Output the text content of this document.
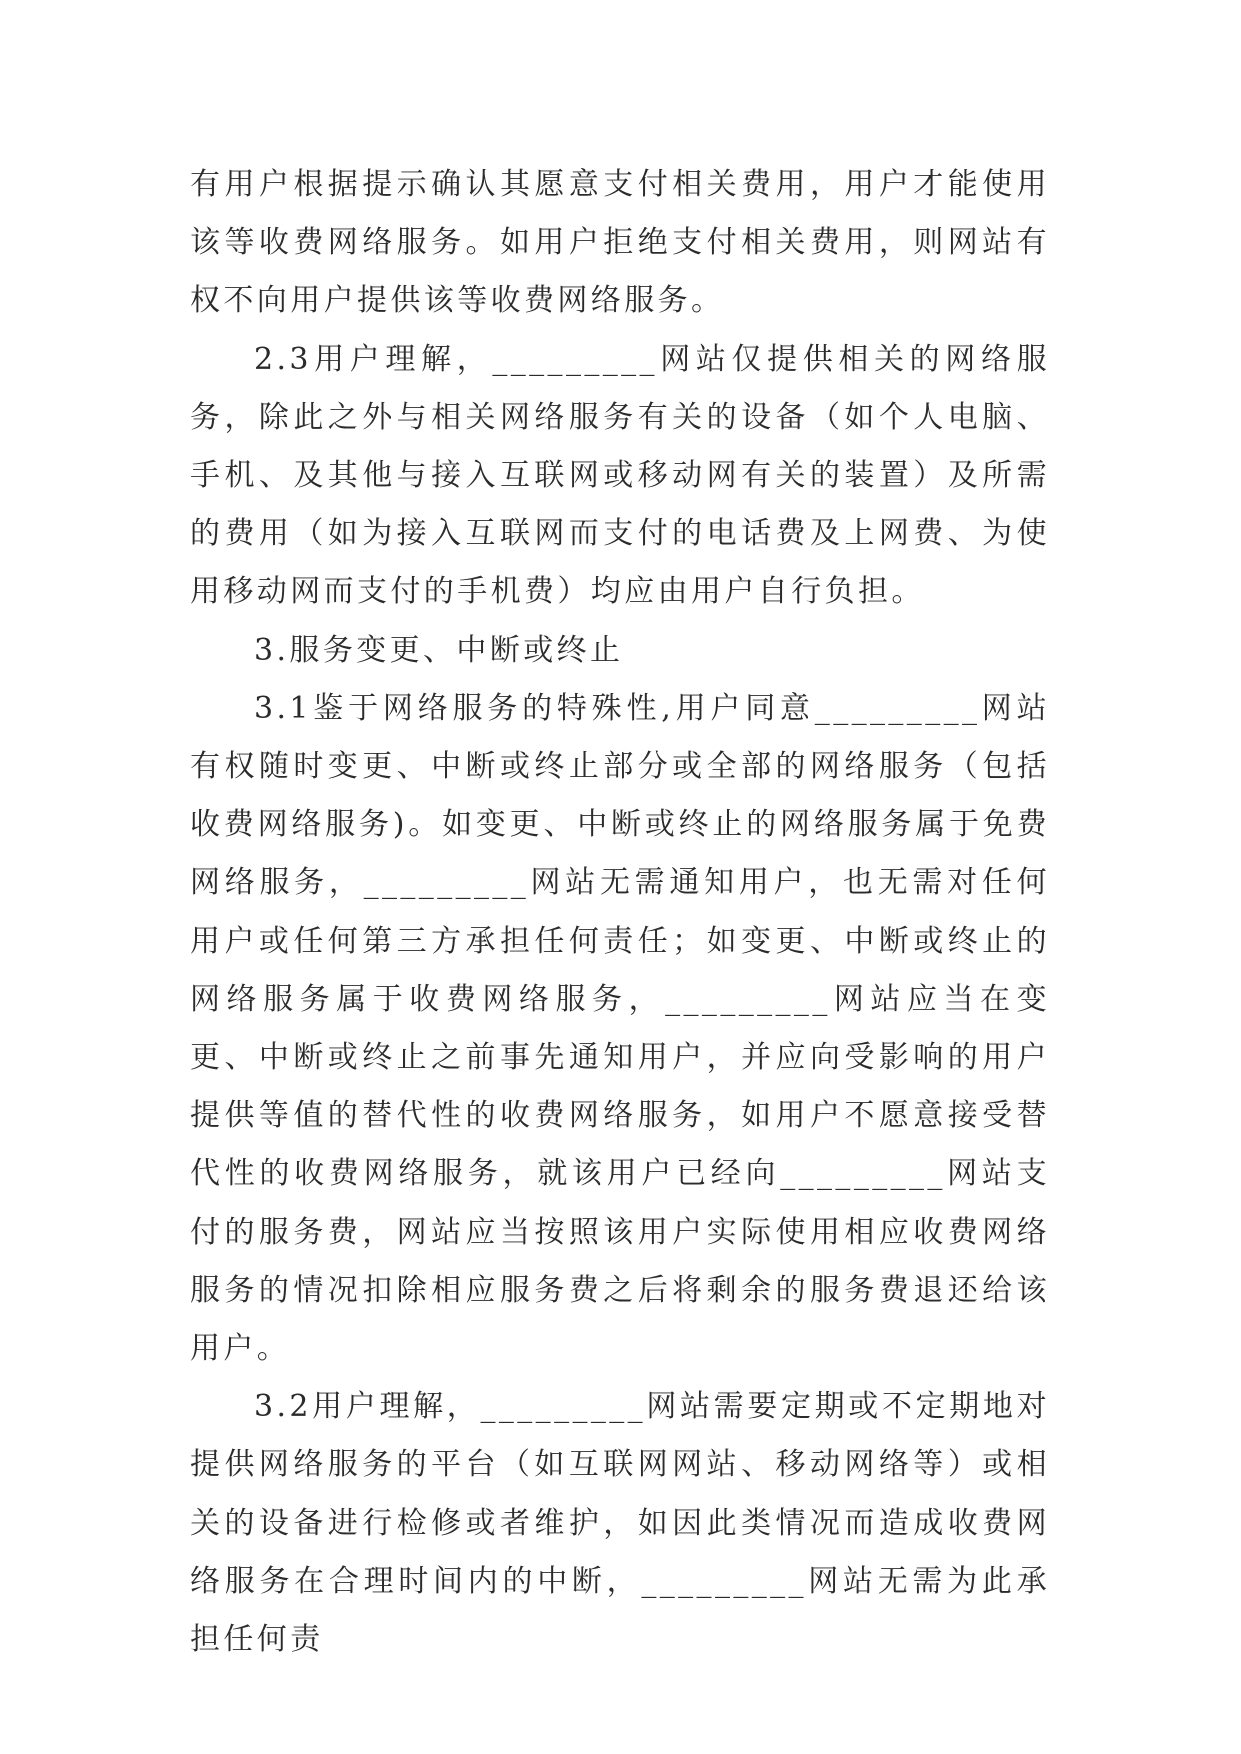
有用户根据提示确认其愿意支付相关费用，用户才能使用该等收费网络服务。如用户拒绝支付相关费用，则网站有权不向用户提供该等收费网络服务。

2.3用户理解，_________网站仅提供相关的网络服务，除此之外与相关网络服务有关的设备（如个人电脑、手机、及其他与接入互联网或移动网有关的装置）及所需的费用（如为接入互联网而支付的电话费及上网费、为使用移动网而支付的手机费）均应由用户自行负担。

3.服务变更、中断或终止

3.1鉴于网络服务的特殊性,用户同意_________网站有权随时变更、中断或终止部分或全部的网络服务（包括收费网络服务)。如变更、中断或终止的网络服务属于免费网络服务，_________网站无需通知用户，也无需对任何用户或任何第三方承担任何责任；如变更、中断或终止的网络服务属于收费网络服务，_________网站应当在变更、中断或终止之前事先通知用户，并应向受影响的用户提供等值的替代性的收费网络服务，如用户不愿意接受替代性的收费网络服务，就该用户已经向_________网站支付的服务费，网站应当按照该用户实际使用相应收费网络服务的情况扣除相应服务费之后将剩余的服务费退还给该用户。

3.2用户理解，_________网站需要定期或不定期地对提供网络服务的平台（如互联网网站、移动网络等）或相关的设备进行检修或者维护，如因此类情况而造成收费网络服务在合理时间内的中断，_________网站无需为此承担任何责
